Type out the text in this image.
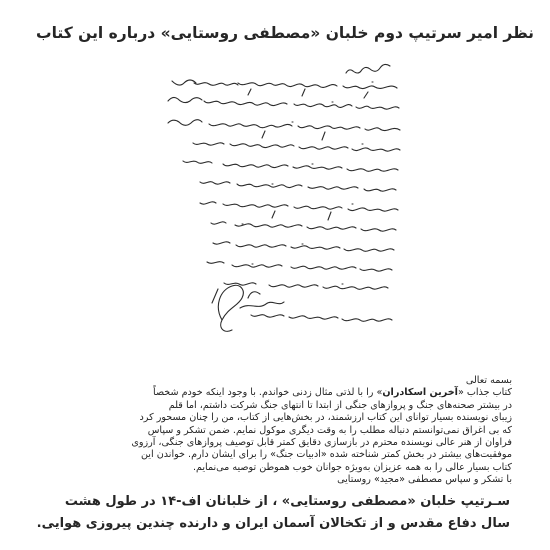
نظر امیر سرتیپ دوم خلبان «مصطفی روستایی» درباره این کتاب
بسمه تعالی
کتاب جذاب «آخرین اسکادران» را با لذتی مثال زدنی خواندم. با وجود اینکه خودم شخصاً
در بیشتر صحنه‌های جنگ و پروازهای جنگی از ابتدا تا انتهای جنگ شرکت داشتم، اما قلم
زیبای نویسنده بسیار توانای این کتاب ارزشمند، در بخش‌هایی از کتاب، من را چنان مسحور کرد
که بی اغراق نمی‌توانستم دنباله مطلب را به وقت دیگری موکول نمایم. ضمن تشکر و سپاس
فراوان از هنر عالی نویسنده محترم در بازسازی دقایق کمتر قابل توصیف پروازهای جنگی، آرزوی
موفقیت‌های بیشتر در بخش کمتر شناخته شده «ادبیات جنگ» را برای ایشان دارم. خواندن این
کتاب بسیار عالی را به همه عزیزان به‌ویژه جوانان خوب هموطن توصیه می‌نمایم.
با تشکر و سپاس مصطفی «مجید» روستایی
سـرتیپ خلبان «مصطفی روستایی» ، از خلبانان اف-۱۴ در طول هشت
سال دفاع مقدس و از تکخالان آسمان ایران و دارنده چندین پیروزی هوایی.
